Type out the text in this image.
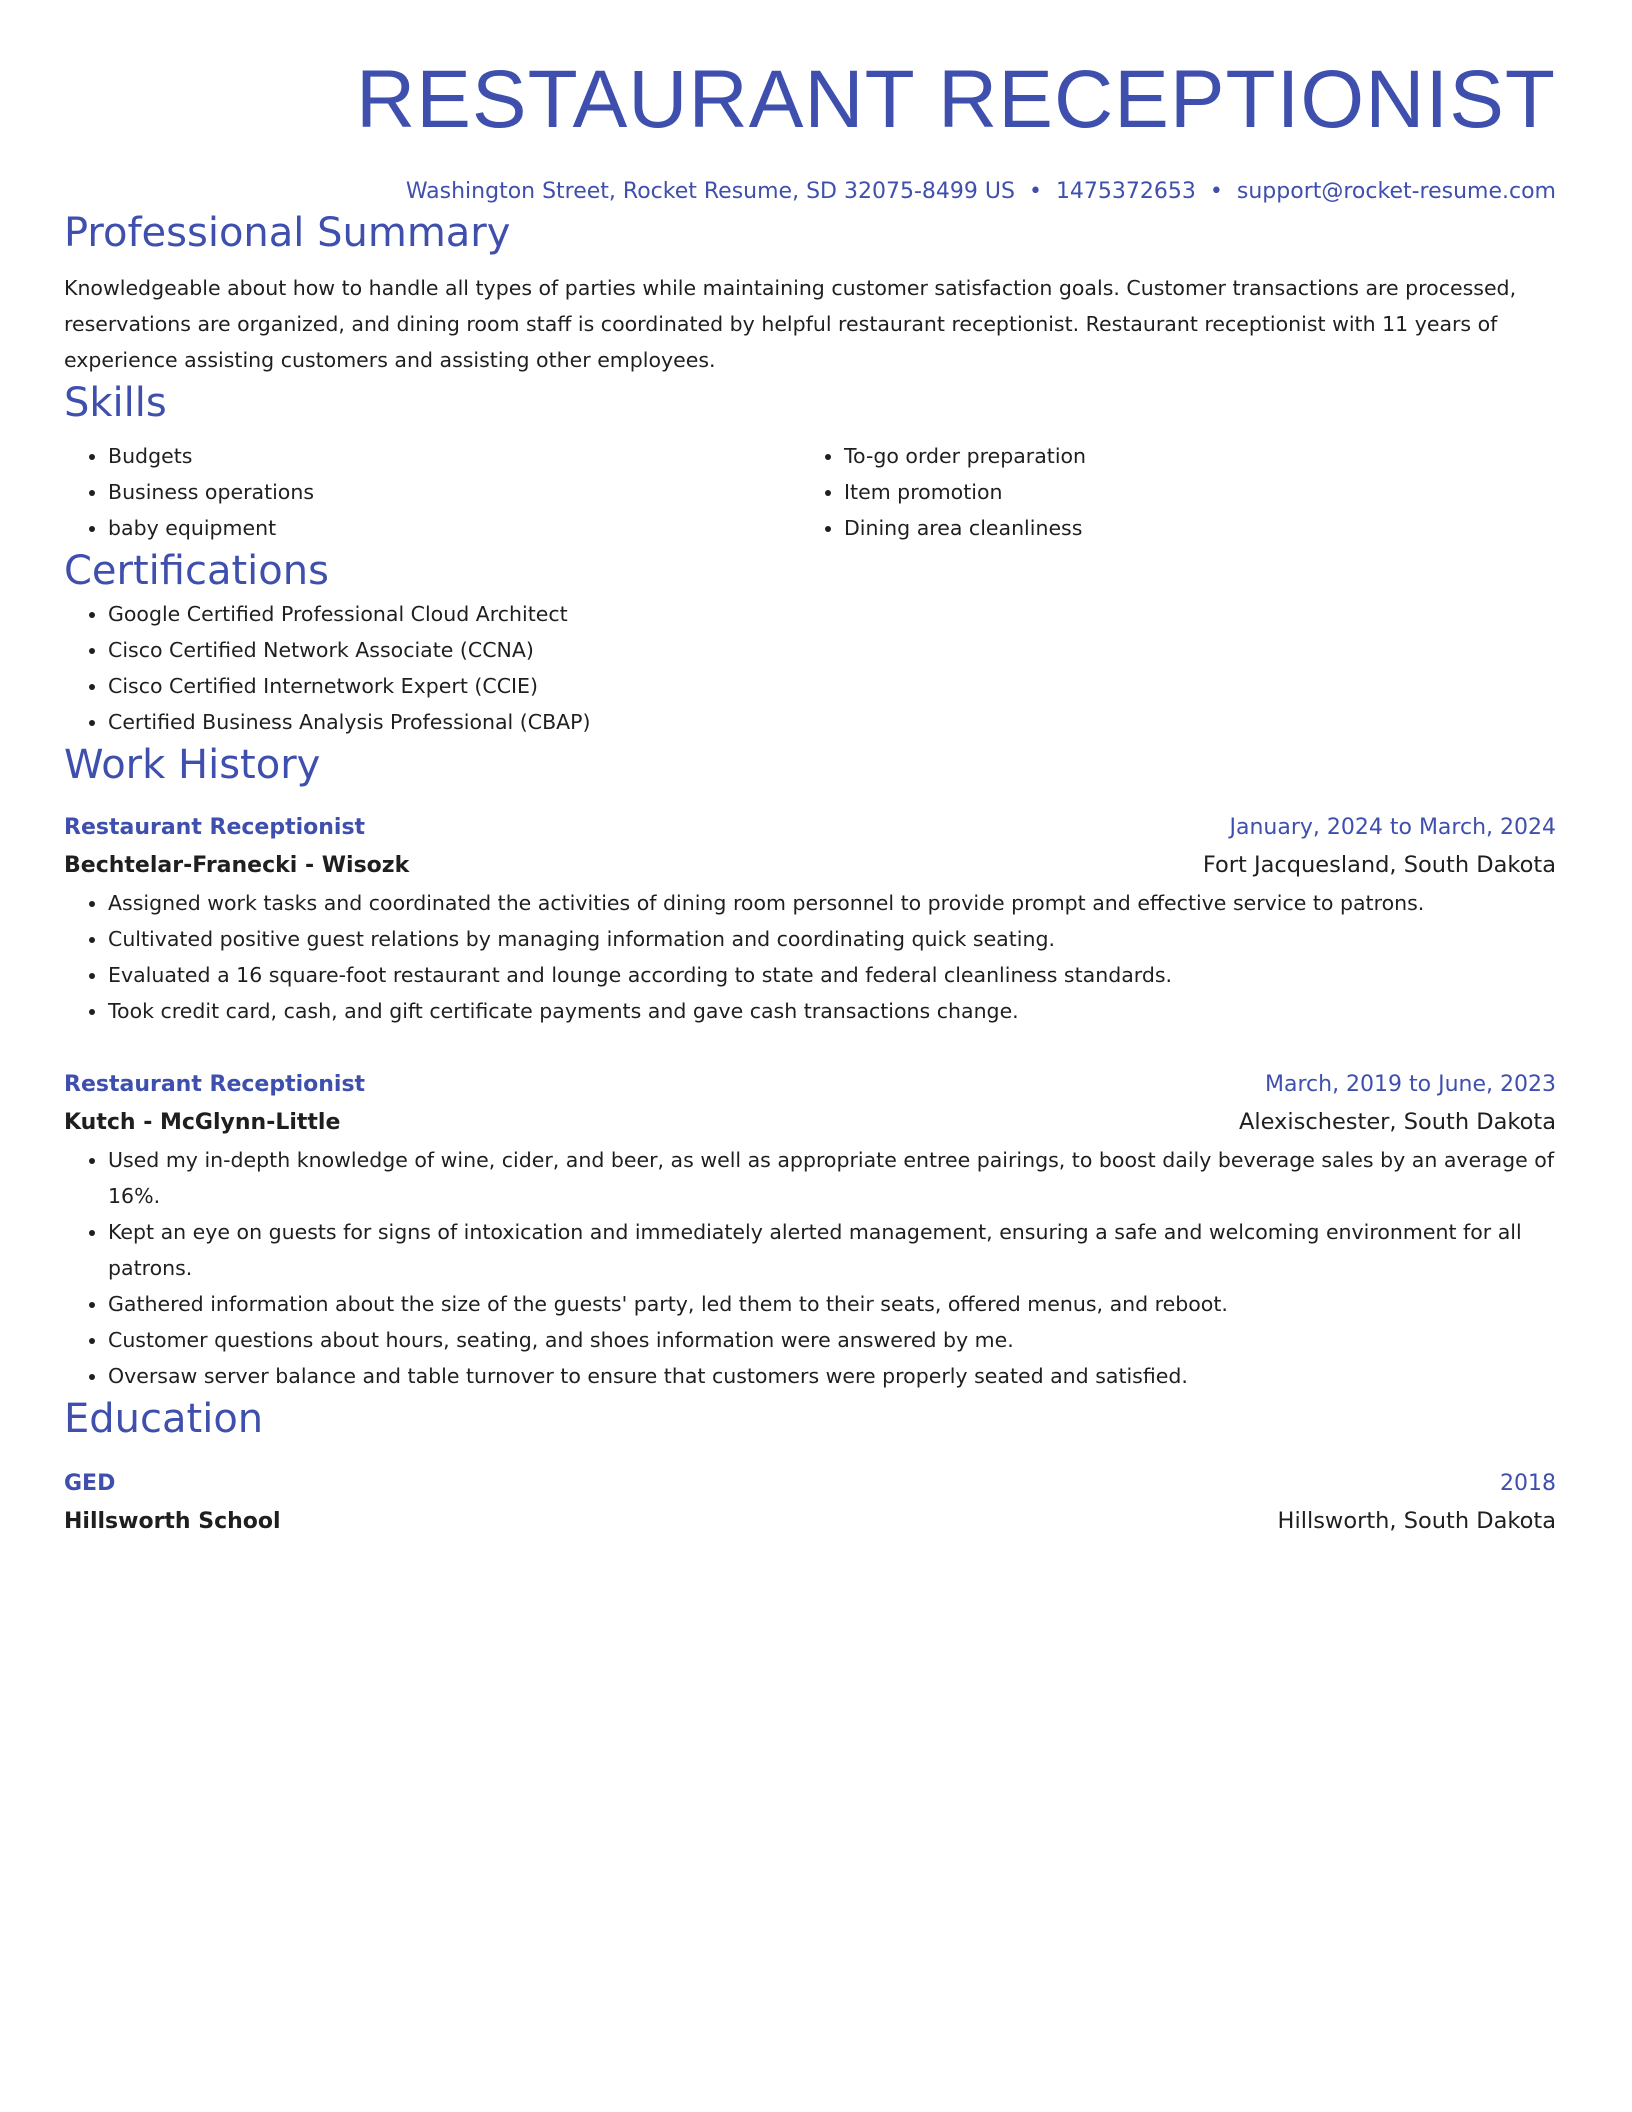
RESTAURANT RECEPTIONIST
Washington Street, Rocket Resume, SD 32075-8499 US • 1475372653 • support@rocket-resume.com
Professional Summary
Knowledgeable about how to handle all types of parties while maintaining customer satisfaction goals. Customer transactions are processed, reservations are organized, and dining room staff is coordinated by helpful restaurant receptionist. Restaurant receptionist with 11 years of experience assisting customers and assisting other employees.
Skills
• Budgets
• Business operations
• baby equipment
• To-go order preparation
• Item promotion
• Dining area cleanliness
Certifications
• Google Certified Professional Cloud Architect
• Cisco Certified Network Associate (CCNA)
• Cisco Certified Internetwork Expert (CCIE)
• Certified Business Analysis Professional (CBAP)
Work History
Restaurant Receptionist	January, 2024 to March, 2024
Bechtelar-Franecki - Wisozk	Fort Jacquesland, South Dakota
• Assigned work tasks and coordinated the activities of dining room personnel to provide prompt and effective service to patrons.
• Cultivated positive guest relations by managing information and coordinating quick seating.
• Evaluated a 16 square-foot restaurant and lounge according to state and federal cleanliness standards.
• Took credit card, cash, and gift certificate payments and gave cash transactions change.
Restaurant Receptionist	March, 2019 to June, 2023
Kutch - McGlynn-Little	Alexischester, South Dakota
• Used my in-depth knowledge of wine, cider, and beer, as well as appropriate entree pairings, to boost daily beverage sales by an average of 16%.
• Kept an eye on guests for signs of intoxication and immediately alerted management, ensuring a safe and welcoming environment for all patrons.
• Gathered information about the size of the guests' party, led them to their seats, offered menus, and reboot.
• Customer questions about hours, seating, and shoes information were answered by me.
• Oversaw server balance and table turnover to ensure that customers were properly seated and satisfied.
Education
GED	2018
Hillsworth School	Hillsworth, South Dakota
